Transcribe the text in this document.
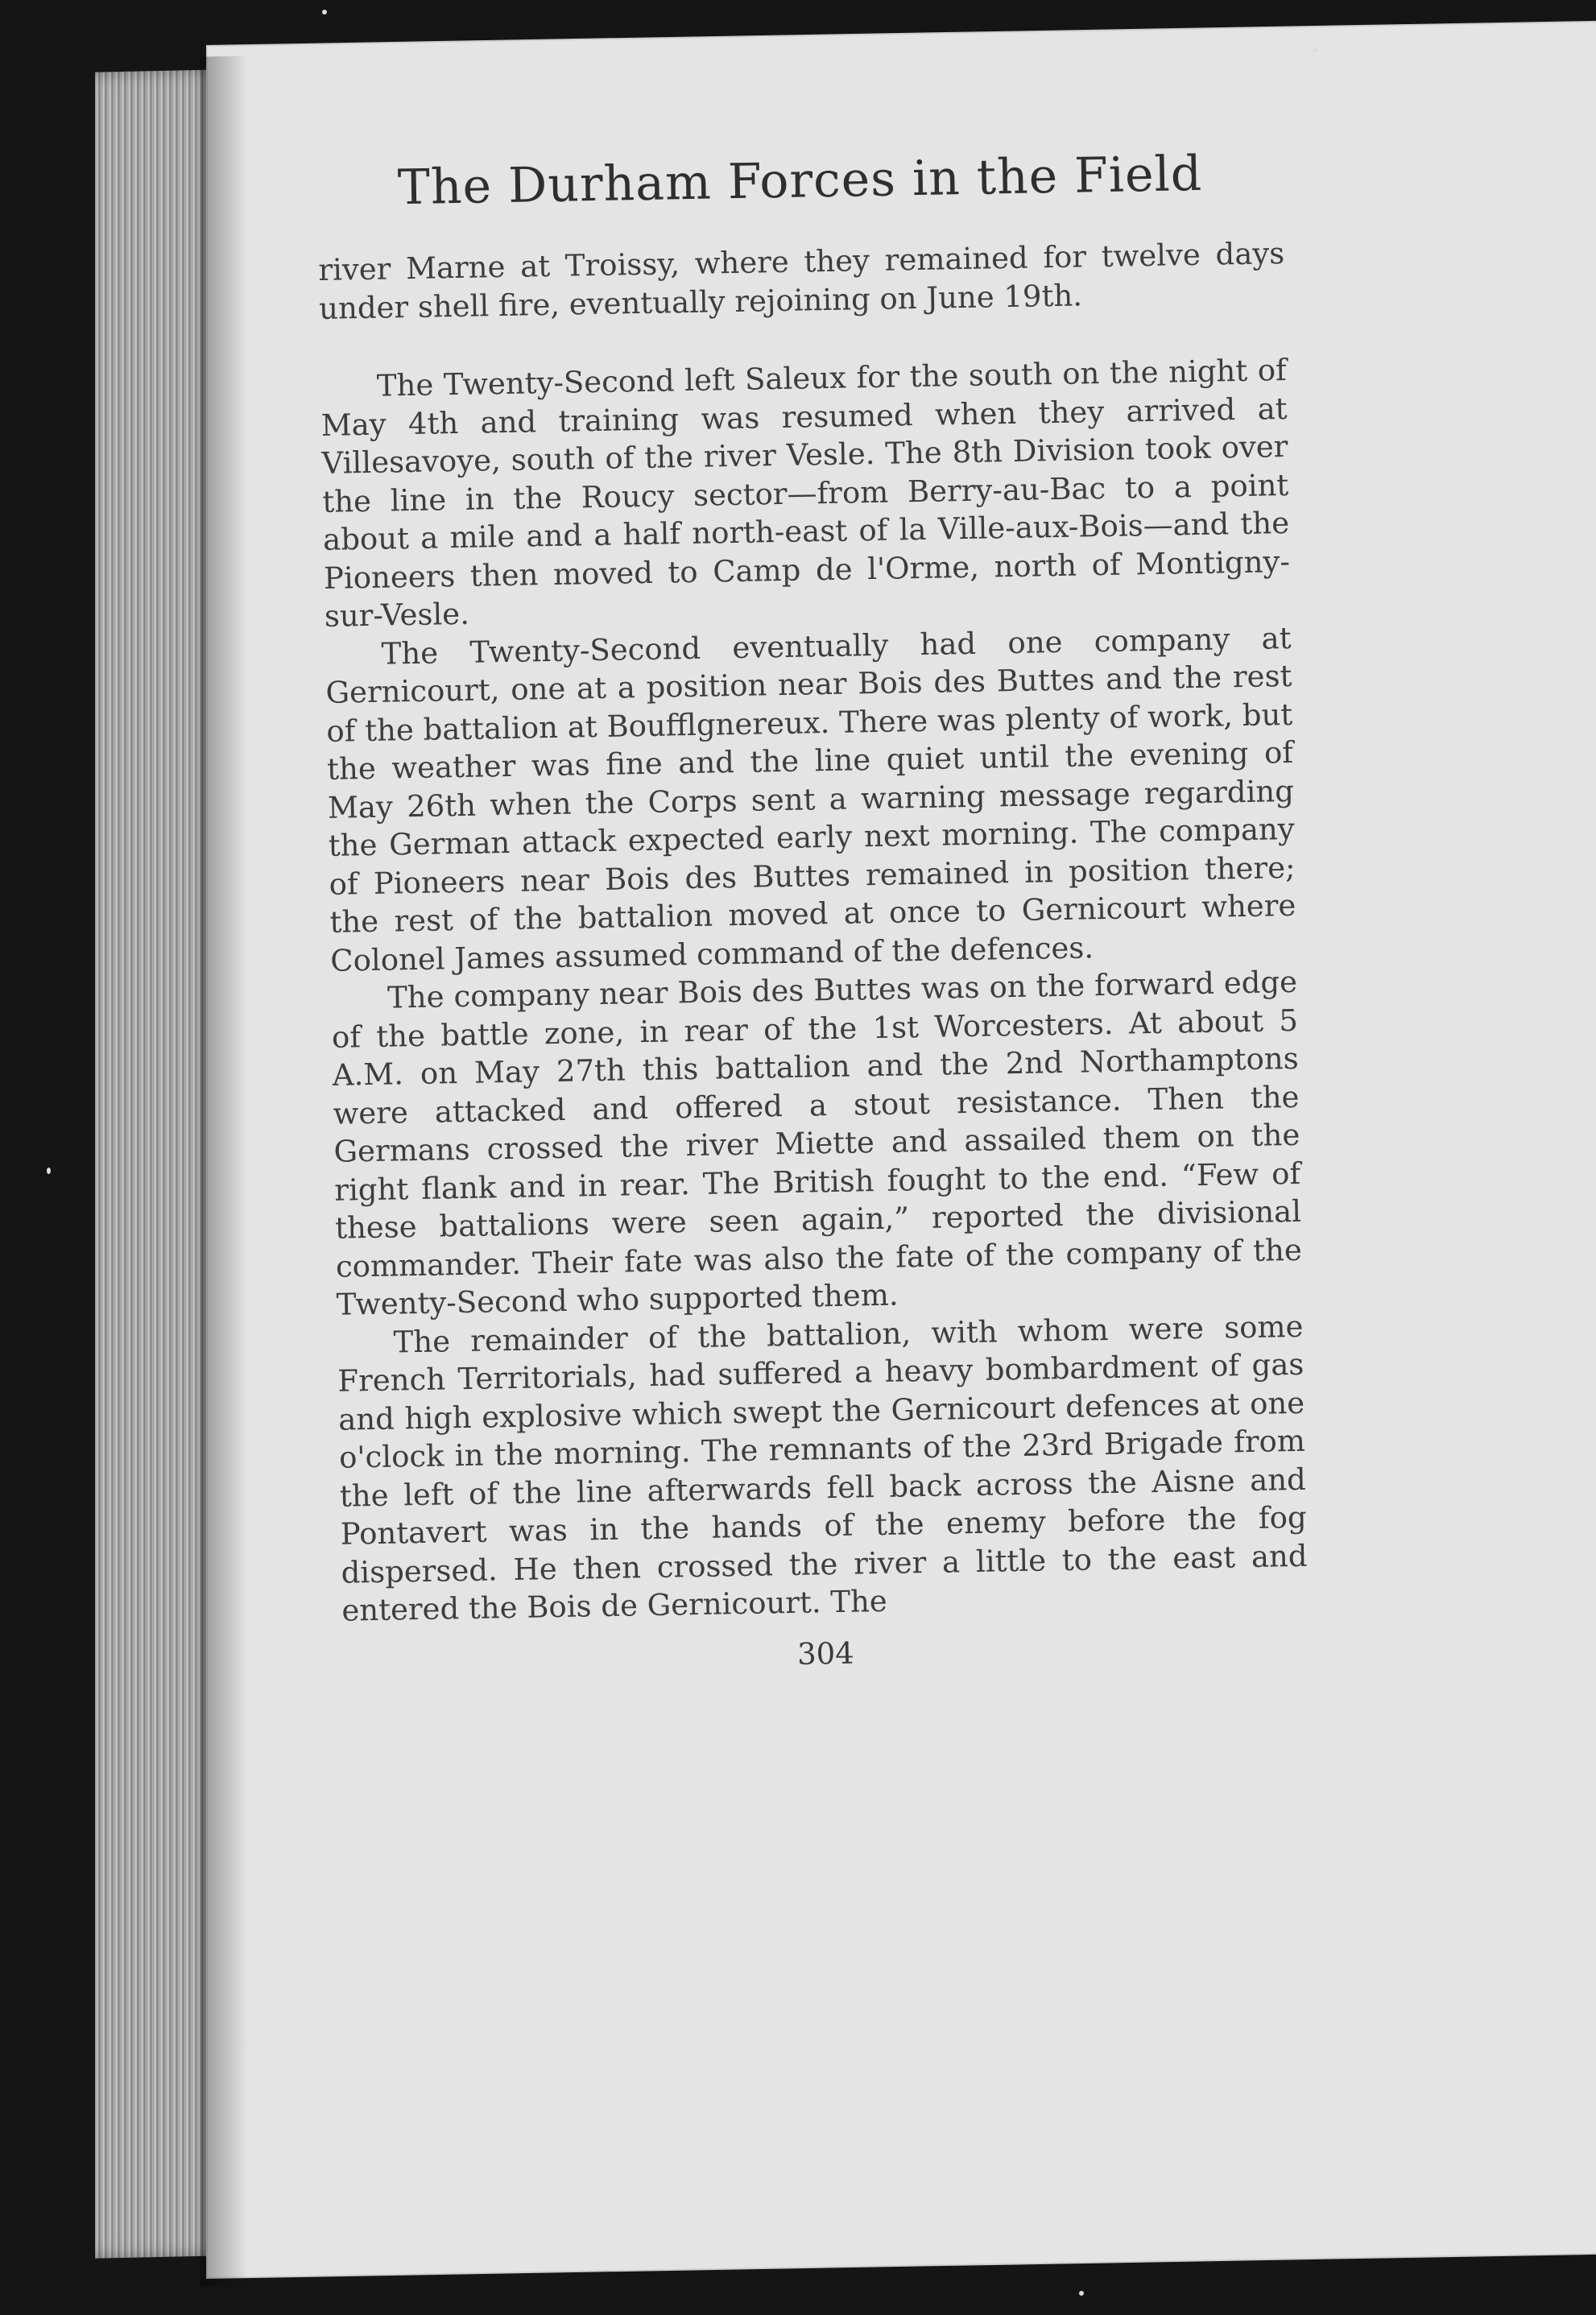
The Durham Forces in the Field

river Marne at Troissy, where they remained for twelve days under shell fire, eventually rejoining on June 19th.

The Twenty-Second left Saleux for the south on the night of May 4th and training was resumed when they arrived at Villesavoye, south of the river Vesle. The 8th Division took over the line in the Roucy sector—from Berry-au-Bac to a point about a mile and a half north-east of la Ville-aux-Bois—and the Pioneers then moved to Camp de l'Orme, north of Montigny-sur-Vesle.

The Twenty-Second eventually had one company at Gernicourt, one at a position near Bois des Buttes and the rest of the battalion at Boufflgnereux. There was plenty of work, but the weather was fine and the line quiet until the evening of May 26th when the Corps sent a warning message regarding the German attack expected early next morning. The company of Pioneers near Bois des Buttes remained in position there; the rest of the battalion moved at once to Gernicourt where Colonel James assumed command of the defences.

The company near Bois des Buttes was on the forward edge of the battle zone, in rear of the 1st Worcesters. At about 5 A.M. on May 27th this battalion and the 2nd Northamptons were attacked and offered a stout resistance. Then the Germans crossed the river Miette and assailed them on the right flank and in rear. The British fought to the end. “Few of these battalions were seen again,” reported the divisional commander. Their fate was also the fate of the company of the Twenty-Second who supported them.

The remainder of the battalion, with whom were some French Territorials, had suffered a heavy bombardment of gas and high explosive which swept the Gernicourt defences at one o'clock in the morning. The remnants of the 23rd Brigade from the left of the line afterwards fell back across the Aisne and Pontavert was in the hands of the enemy before the fog dispersed. He then crossed the river a little to the east and entered the Bois de Gernicourt. The

304
